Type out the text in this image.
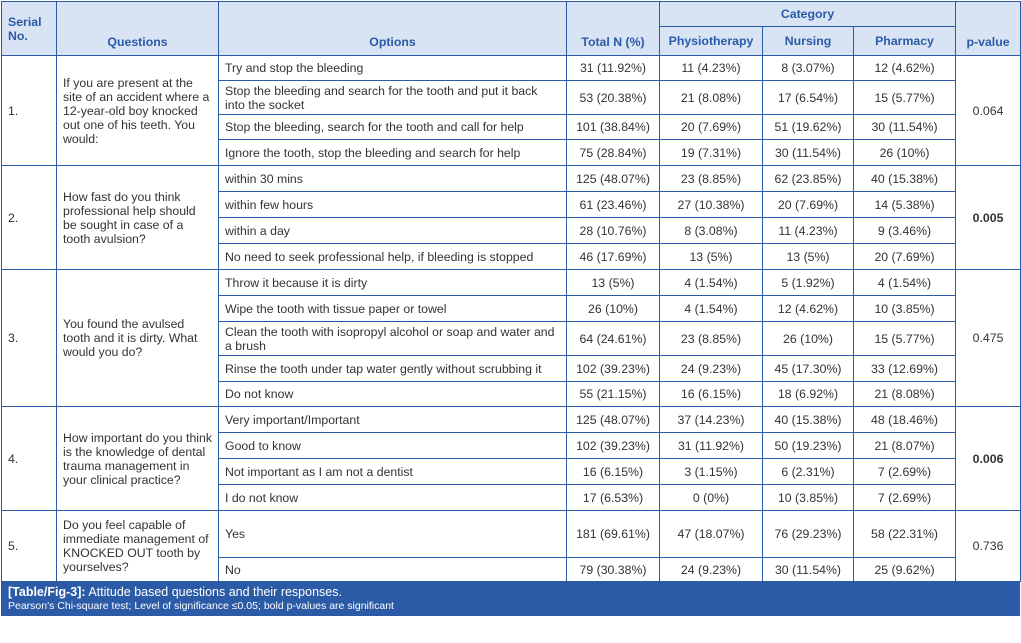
Serial No.	Questions	Options	Total N (%)	Category			p-value
				Physiotherapy	Nursing	Pharmacy	
1.	If you are present at the site of an accident where a 12-year-old boy knocked out one of his teeth. You would:	Try and stop the bleeding	31 (11.92%)	11 (4.23%)	8 (3.07%)	12 (4.62%)	0.064
		Stop the bleeding and search for the tooth and put it back into the socket	53 (20.38%)	21 (8.08%)	17 (6.54%)	15 (5.77%)	
		Stop the bleeding, search for the tooth and call for help	101 (38.84%)	20 (7.69%)	51 (19.62%)	30 (11.54%)	
		Ignore the tooth, stop the bleeding and search for help	75 (28.84%)	19 (7.31%)	30 (11.54%)	26 (10%)	
2.	How fast do you think professional help should be sought in case of a tooth avulsion?	within 30 mins	125 (48.07%)	23 (8.85%)	62 (23.85%)	40 (15.38%)	0.005
		within few hours	61 (23.46%)	27 (10.38%)	20 (7.69%)	14 (5.38%)	
		within a day	28 (10.76%)	8 (3.08%)	11 (4.23%)	9 (3.46%)	
		No need to seek professional help, if bleeding is stopped	46 (17.69%)	13 (5%)	13 (5%)	20 (7.69%)	
3.	You found the avulsed tooth and it is dirty. What would you do?	Throw it because it is dirty	13 (5%)	4 (1.54%)	5 (1.92%)	4 (1.54%)	0.475
		Wipe the tooth with tissue paper or towel	26 (10%)	4 (1.54%)	12 (4.62%)	10 (3.85%)	
		Clean the tooth with isopropyl alcohol or soap and water and a brush	64 (24.61%)	23 (8.85%)	26 (10%)	15 (5.77%)	
		Rinse the tooth under tap water gently without scrubbing it	102 (39.23%)	24 (9.23%)	45 (17.30%)	33 (12.69%)	
		Do not know	55 (21.15%)	16 (6.15%)	18 (6.92%)	21 (8.08%)	
4.	How important do you think is the knowledge of dental trauma management in your clinical practice?	Very important/Important	125 (48.07%)	37 (14.23%)	40 (15.38%)	48 (18.46%)	0.006
		Good to know	102 (39.23%)	31 (11.92%)	50 (19.23%)	21 (8.07%)	
		Not important as I am not a dentist	16 (6.15%)	3 (1.15%)	6 (2.31%)	7 (2.69%)	
		I do not know	17 (6.53%)	0 (0%)	10 (3.85%)	7 (2.69%)	
5.	Do you feel capable of immediate management of KNOCKED OUT tooth by yourselves?	Yes	181 (69.61%)	47 (18.07%)	76 (29.23%)	58 (22.31%)	0.736
		No	79 (30.38%)	24 (9.23%)	30 (11.54%)	25 (9.62%)	
[Table/Fig-3]: Attitude based questions and their responses.
Pearson's Chi-square test; Level of significance ≤0.05; bold p-values are significant
